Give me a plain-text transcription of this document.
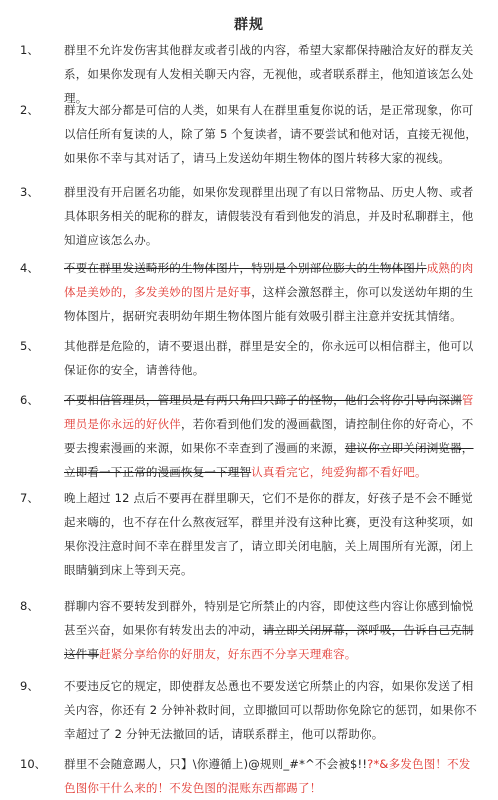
群规
1、 群里不允许发伤害其他群友或者引战的内容，希望大家都保持融洽友好的群友关系，如果你发现有人发相关聊天内容，无视他，或者联系群主，他知道该怎么处理。
2、 群友大部分都是可信的人类，如果有人在群里重复你说的话，是正常现象，你可以信任所有复读的人，除了第 5 个复读者，请不要尝试和他对话，直接无视他，如果你不幸与其对话了，请马上发送幼年期生物体的图片转移大家的视线。
3、 群里没有开启匿名功能，如果你发现群里出现了有以日常物品、历史人物、或者具体职务相关的昵称的群友，请假装没有看到他发的消息，并及时私聊群主，他知道应该怎么办。
4、 不要在群里发送畸形的生物体图片，特别是个别部位膨大的生物体图片成熟的肉体是美妙的，多发美妙的图片是好事，这样会激怒群主，你可以发送幼年期的生物体图片，据研究表明幼年期生物体图片能有效吸引群主注意并安抚其情绪。
5、 其他群是危险的，请不要退出群，群里是安全的，你永远可以相信群主，他可以保证你的安全，请善待他。
6、 不要相信管理员，管理员是有两只角四只蹄子的怪物，他们会将你引导向深渊管理员是你永远的好伙伴，若你看到他们发的漫画截图，请控制住你的好奇心，不要去搜索漫画的来源，如果你不幸查到了漫画的来源，建议你立即关闭浏览器，立即看一下正常的漫画恢复一下理智认真看完它，纯爱狗都不看好吧。
7、 晚上超过 12 点后不要再在群里聊天，它们不是你的群友，好孩子是不会不睡觉起来嗨的，也不存在什么熬夜冠军，群里并没有这种比赛，更没有这种奖项，如果你没注意时间不幸在群里发言了，请立即关闭电脑，关上周围所有光源，闭上眼睛躺到床上等到天亮。
8、 群聊内容不要转发到群外，特别是它所禁止的内容，即使这些内容让你感到愉悦甚至兴奋，如果你有转发出去的冲动，请立即关闭屏幕，深呼吸，告诉自己克制这件事赶紧分享给你的好朋友，好东西不分享天理难容。
9、 不要违反它的规定，即使群友怂恿也不要发送它所禁止的内容，如果你发送了相关内容，你还有 2 分钟补救时间，立即撤回可以帮助你免除它的惩罚，如果你不幸超过了 2 分钟无法撤回的话，请联系群主，他可以帮助你。
10、 群里不会随意踢人，只】\你遵循上)@规则_#*^不会被$!!?*&多发色图！不发色图你干什么来的！不发色图的混账东西都踢了！
